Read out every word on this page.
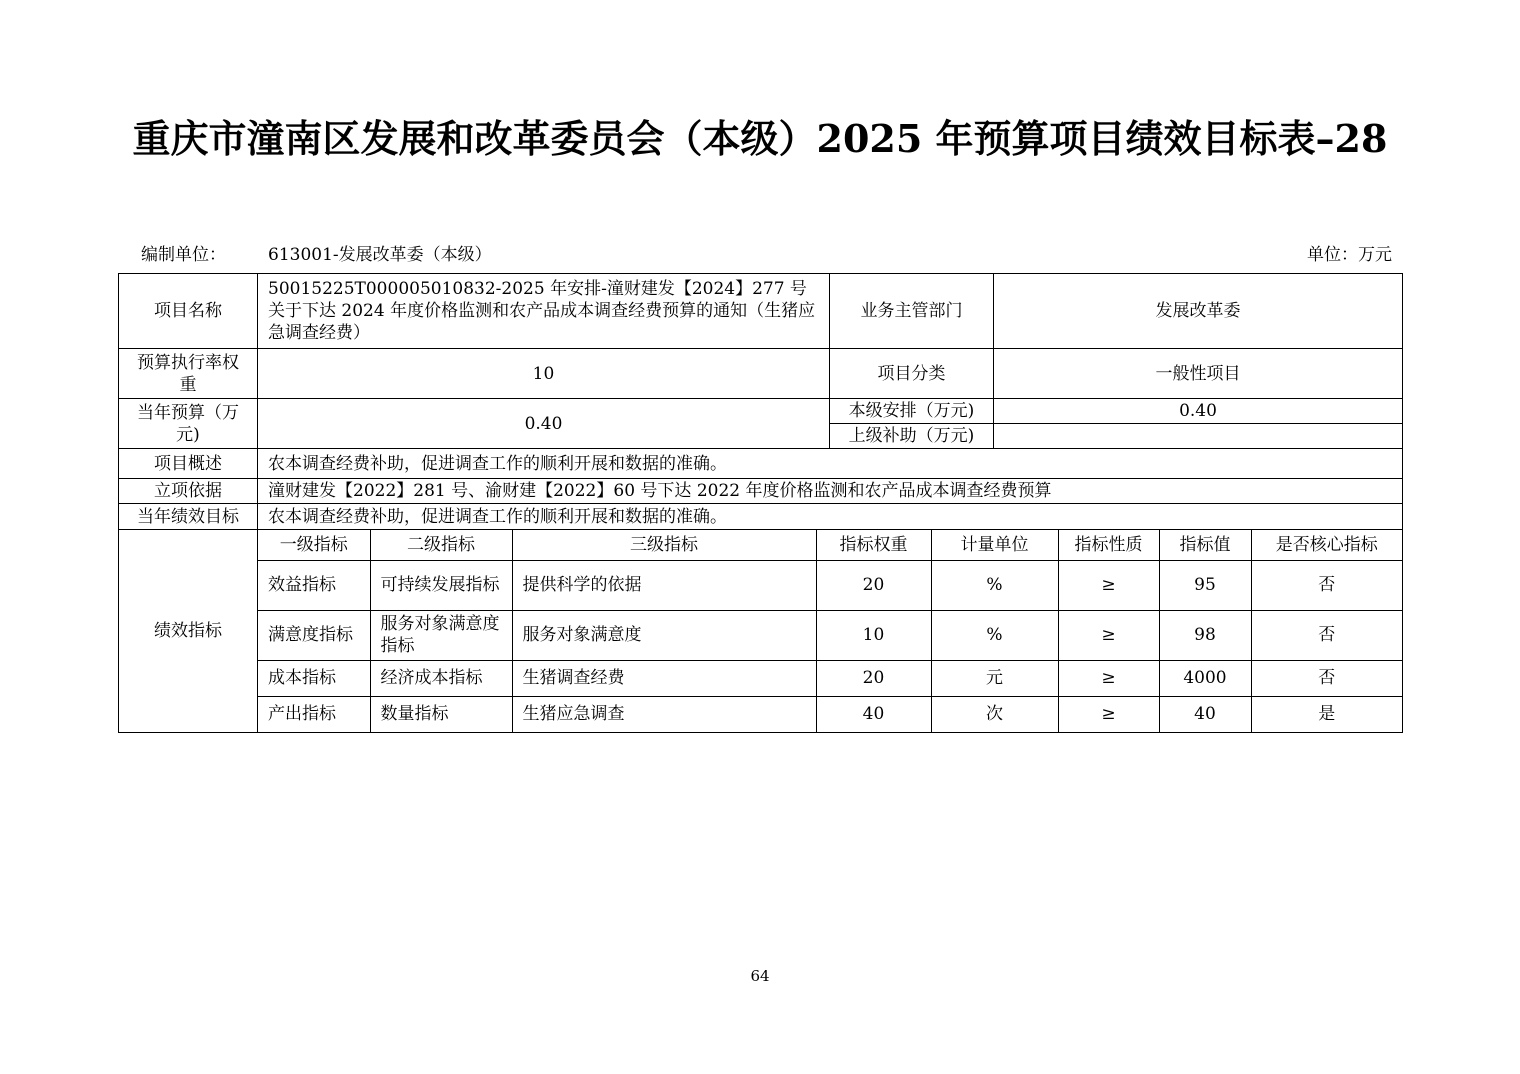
重庆市潼南区发展和改革委员会（本级）2025 年预算项目绩效目标表–28
编制单位： 613001-发展改革委（本级）	单位：万元
项目名称	50015225T000005010832-2025 年安排-潼财建发【2024】277 号关于下达 2024 年度价格监测和农产品成本调查经费预算的通知（生猪应急调查经费）	业务主管部门	发展改革委
预算执行率权重	10	项目分类	一般性项目
当年预算（万元)	0.40	本级安排（万元)	0.40
上级补助（万元)	
项目概述	农本调查经费补助，促进调查工作的顺利开展和数据的准确。
立项依据	潼财建发【2022】281 号、渝财建【2022】60 号下达 2022 年度价格监测和农产品成本调查经费预算
当年绩效目标	农本调查经费补助，促进调查工作的顺利开展和数据的准确。
绩效指标	
一级指标	二级指标	三级指标	指标权重	计量单位	指标性质	指标值	是否核心指标
效益指标	可持续发展指标	提供科学的依据	20	%	≥	95	否
满意度指标	服务对象满意度指标	服务对象满意度	10	%	≥	98	否
成本指标	经济成本指标	生猪调查经费	20	元	≥	4000	否
产出指标	数量指标	生猪应急调查	40	次	≥	40	是
64
